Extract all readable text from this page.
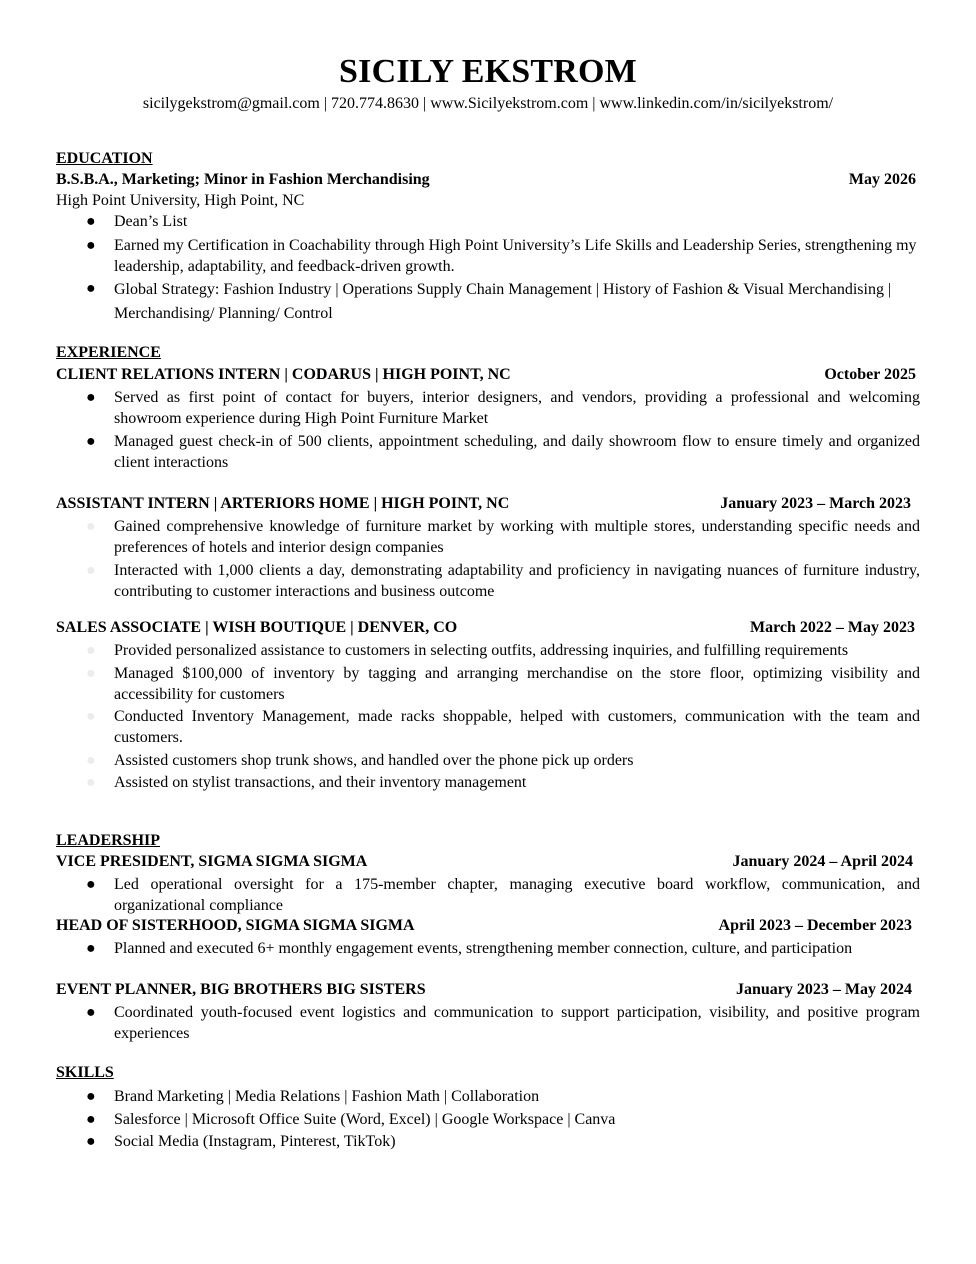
SICILY EKSTROM
sicilygekstrom@gmail.com | 720.774.8630 | www.Sicilyekstrom.com | www.linkedin.com/in/sicilyekstrom/
EDUCATION
B.S.B.A., Marketing; Minor in Fashion Merchandising	May 2026
High Point University, High Point, NC
● Dean’s List
● Earned my Certification in Coachability through High Point University’s Life Skills and Leadership Series, strengthening my leadership, adaptability, and feedback-driven growth.
● Global Strategy: Fashion Industry | Operations Supply Chain Management | History of Fashion & Visual Merchandising | Merchandising/ Planning/ Control
EXPERIENCE
CLIENT RELATIONS INTERN | CODARUS | HIGH POINT, NC	October 2025
● Served as first point of contact for buyers, interior designers, and vendors, providing a professional and welcoming showroom experience during High Point Furniture Market
● Managed guest check-in of 500 clients, appointment scheduling, and daily showroom flow to ensure timely and organized client interactions
ASSISTANT INTERN | ARTERIORS HOME | HIGH POINT, NC	January 2023 – March 2023
● Gained comprehensive knowledge of furniture market by working with multiple stores, understanding specific needs and preferences of hotels and interior design companies
● Interacted with 1,000 clients a day, demonstrating adaptability and proficiency in navigating nuances of furniture industry, contributing to customer interactions and business outcome
SALES ASSOCIATE | WISH BOUTIQUE | DENVER, CO	March 2022 – May 2023
● Provided personalized assistance to customers in selecting outfits, addressing inquiries, and fulfilling requirements
● Managed $100,000 of inventory by tagging and arranging merchandise on the store floor, optimizing visibility and accessibility for customers
● Conducted Inventory Management, made racks shoppable, helped with customers, communication with the team and customers.
● Assisted customers shop trunk shows, and handled over the phone pick up orders
● Assisted on stylist transactions, and their inventory management
LEADERSHIP
VICE PRESIDENT, SIGMA SIGMA SIGMA	January 2024 – April 2024
● Led operational oversight for a 175-member chapter, managing executive board workflow, communication, and organizational compliance
HEAD OF SISTERHOOD, SIGMA SIGMA SIGMA	April 2023 – December 2023
● Planned and executed 6+ monthly engagement events, strengthening member connection, culture, and participation
EVENT PLANNER, BIG BROTHERS BIG SISTERS	January 2023 – May 2024
● Coordinated youth-focused event logistics and communication to support participation, visibility, and positive program experiences
SKILLS
● Brand Marketing | Media Relations | Fashion Math | Collaboration
● Salesforce | Microsoft Office Suite (Word, Excel) | Google Workspace | Canva
● Social Media (Instagram, Pinterest, TikTok)
